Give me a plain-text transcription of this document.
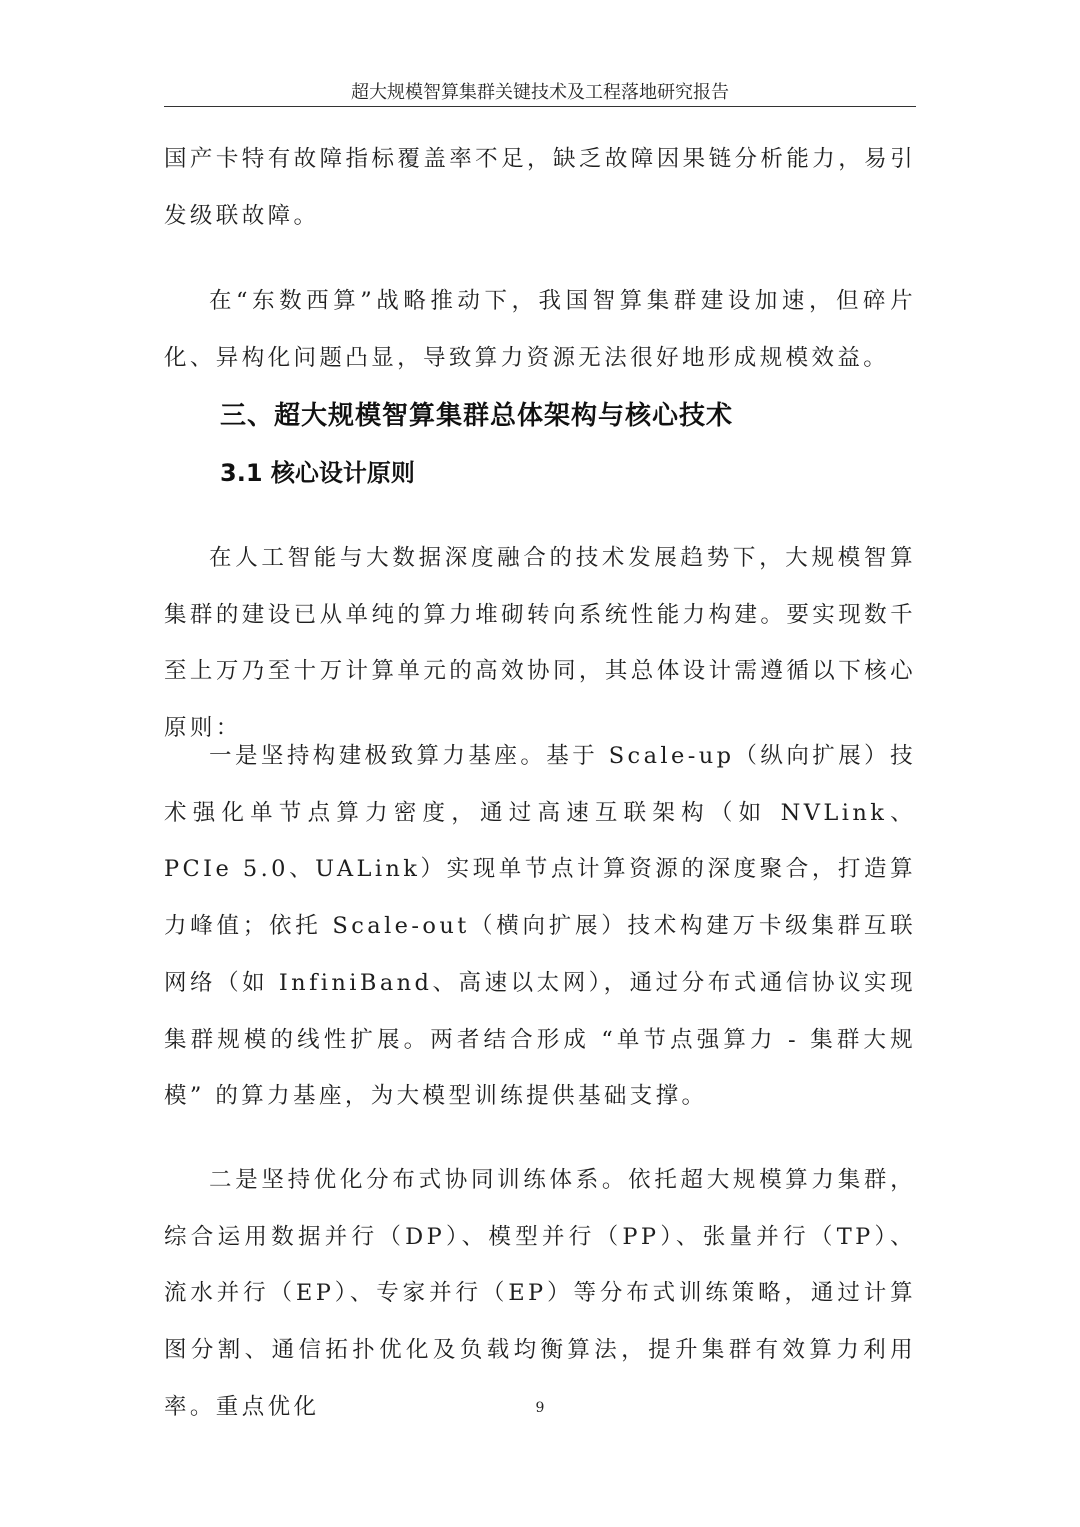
超大规模智算集群关键技术及工程落地研究报告

国产卡特有故障指标覆盖率不足，缺乏故障因果链分析能力，易引发级联故障。

在“东数西算”战略推动下，我国智算集群建设加速，但碎片化、异构化问题凸显，导致算力资源无法很好地形成规模效益。

三、超大规模智算集群总体架构与核心技术
3.1 核心设计原则

在人工智能与大数据深度融合的技术发展趋势下，大规模智算集群的建设已从单纯的算力堆砌转向系统性能力构建。要实现数千至上万乃至十万计算单元的高效协同，其总体设计需遵循以下核心原则：

一是坚持构建极致算力基座。基于 Scale-up（纵向扩展）技术强化单节点算力密度，通过高速互联架构（如 NVLink、PCIe 5.0、UALink）实现单节点计算资源的深度聚合，打造算力峰值；依托 Scale-out（横向扩展）技术构建万卡级集群互联网络（如 InfiniBand、高速以太网），通过分布式通信协议实现集群规模的线性扩展。两者结合形成 “单节点强算力 - 集群大规模” 的算力基座，为大模型训练提供基础支撑。

二是坚持优化分布式协同训练体系。依托超大规模算力集群，综合运用数据并行（DP）、模型并行（PP）、张量并行（TP）、流水并行（EP）、专家并行（EP）等分布式训练策略，通过计算图分割、通信拓扑优化及负载均衡算法，提升集群有效算力利用率。重点优化	9
